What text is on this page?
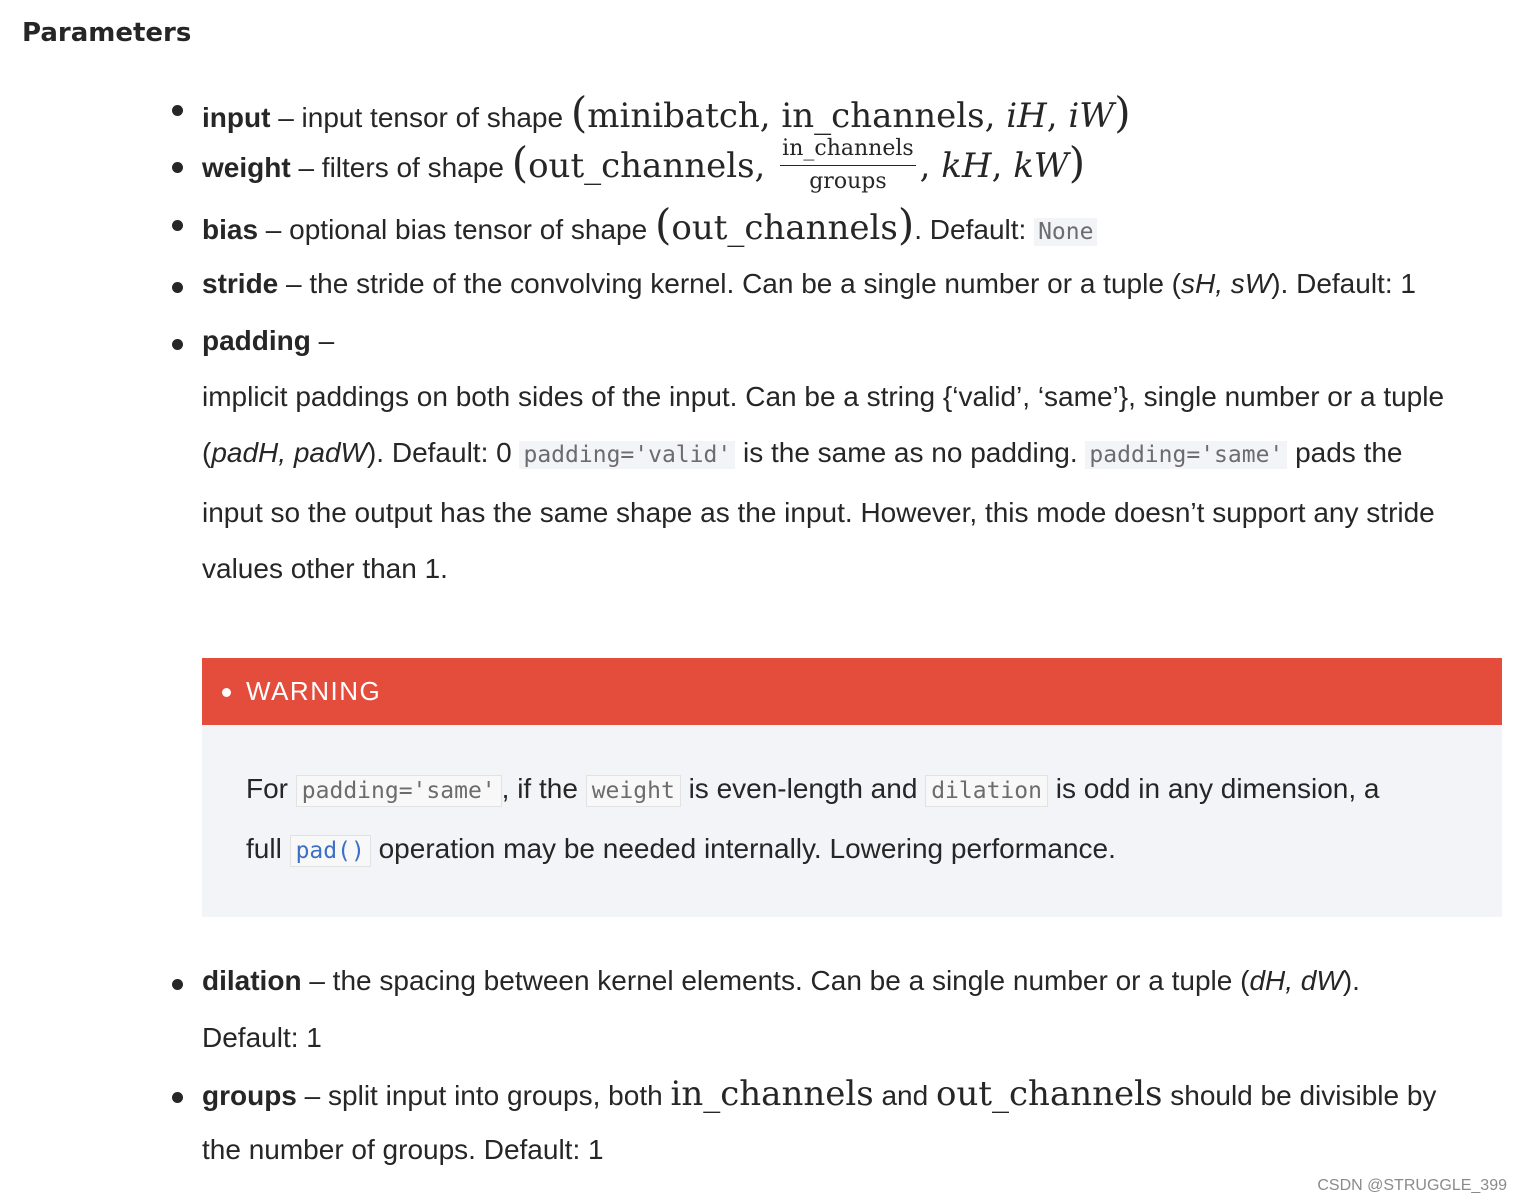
Parameters
input – input tensor of shape (minibatch, in_channels, iH, iW)
weight – filters of shape (out_channels, $\frac{\text{in\_channels}}{\text{groups}}$ , kH, kW)
bias – optional bias tensor of shape (out_channels). Default: None
stride – the stride of the convolving kernel. Can be a single number or a tuple (sH, sW). Default: 1
padding –
implicit paddings on both sides of the input. Can be a string {‘valid’, ‘same’}, single number or a tuple
(padH, padW). Default: 0 padding='valid' is the same as no padding. padding='same' pads the
input so the output has the same shape as the input. However, this mode doesn’t support any stride
values other than 1.
WARNING
For padding='same' , if the weight is even-length and dilation is odd in any dimension, a
full pad() operation may be needed internally. Lowering performance.
dilation – the spacing between kernel elements. Can be a single number or a tuple (dH, dW).
Default: 1
groups – split input into groups, both in_channels and out_channels should be divisible by
the number of groups. Default: 1
CSDN @STRUGGLE_399
